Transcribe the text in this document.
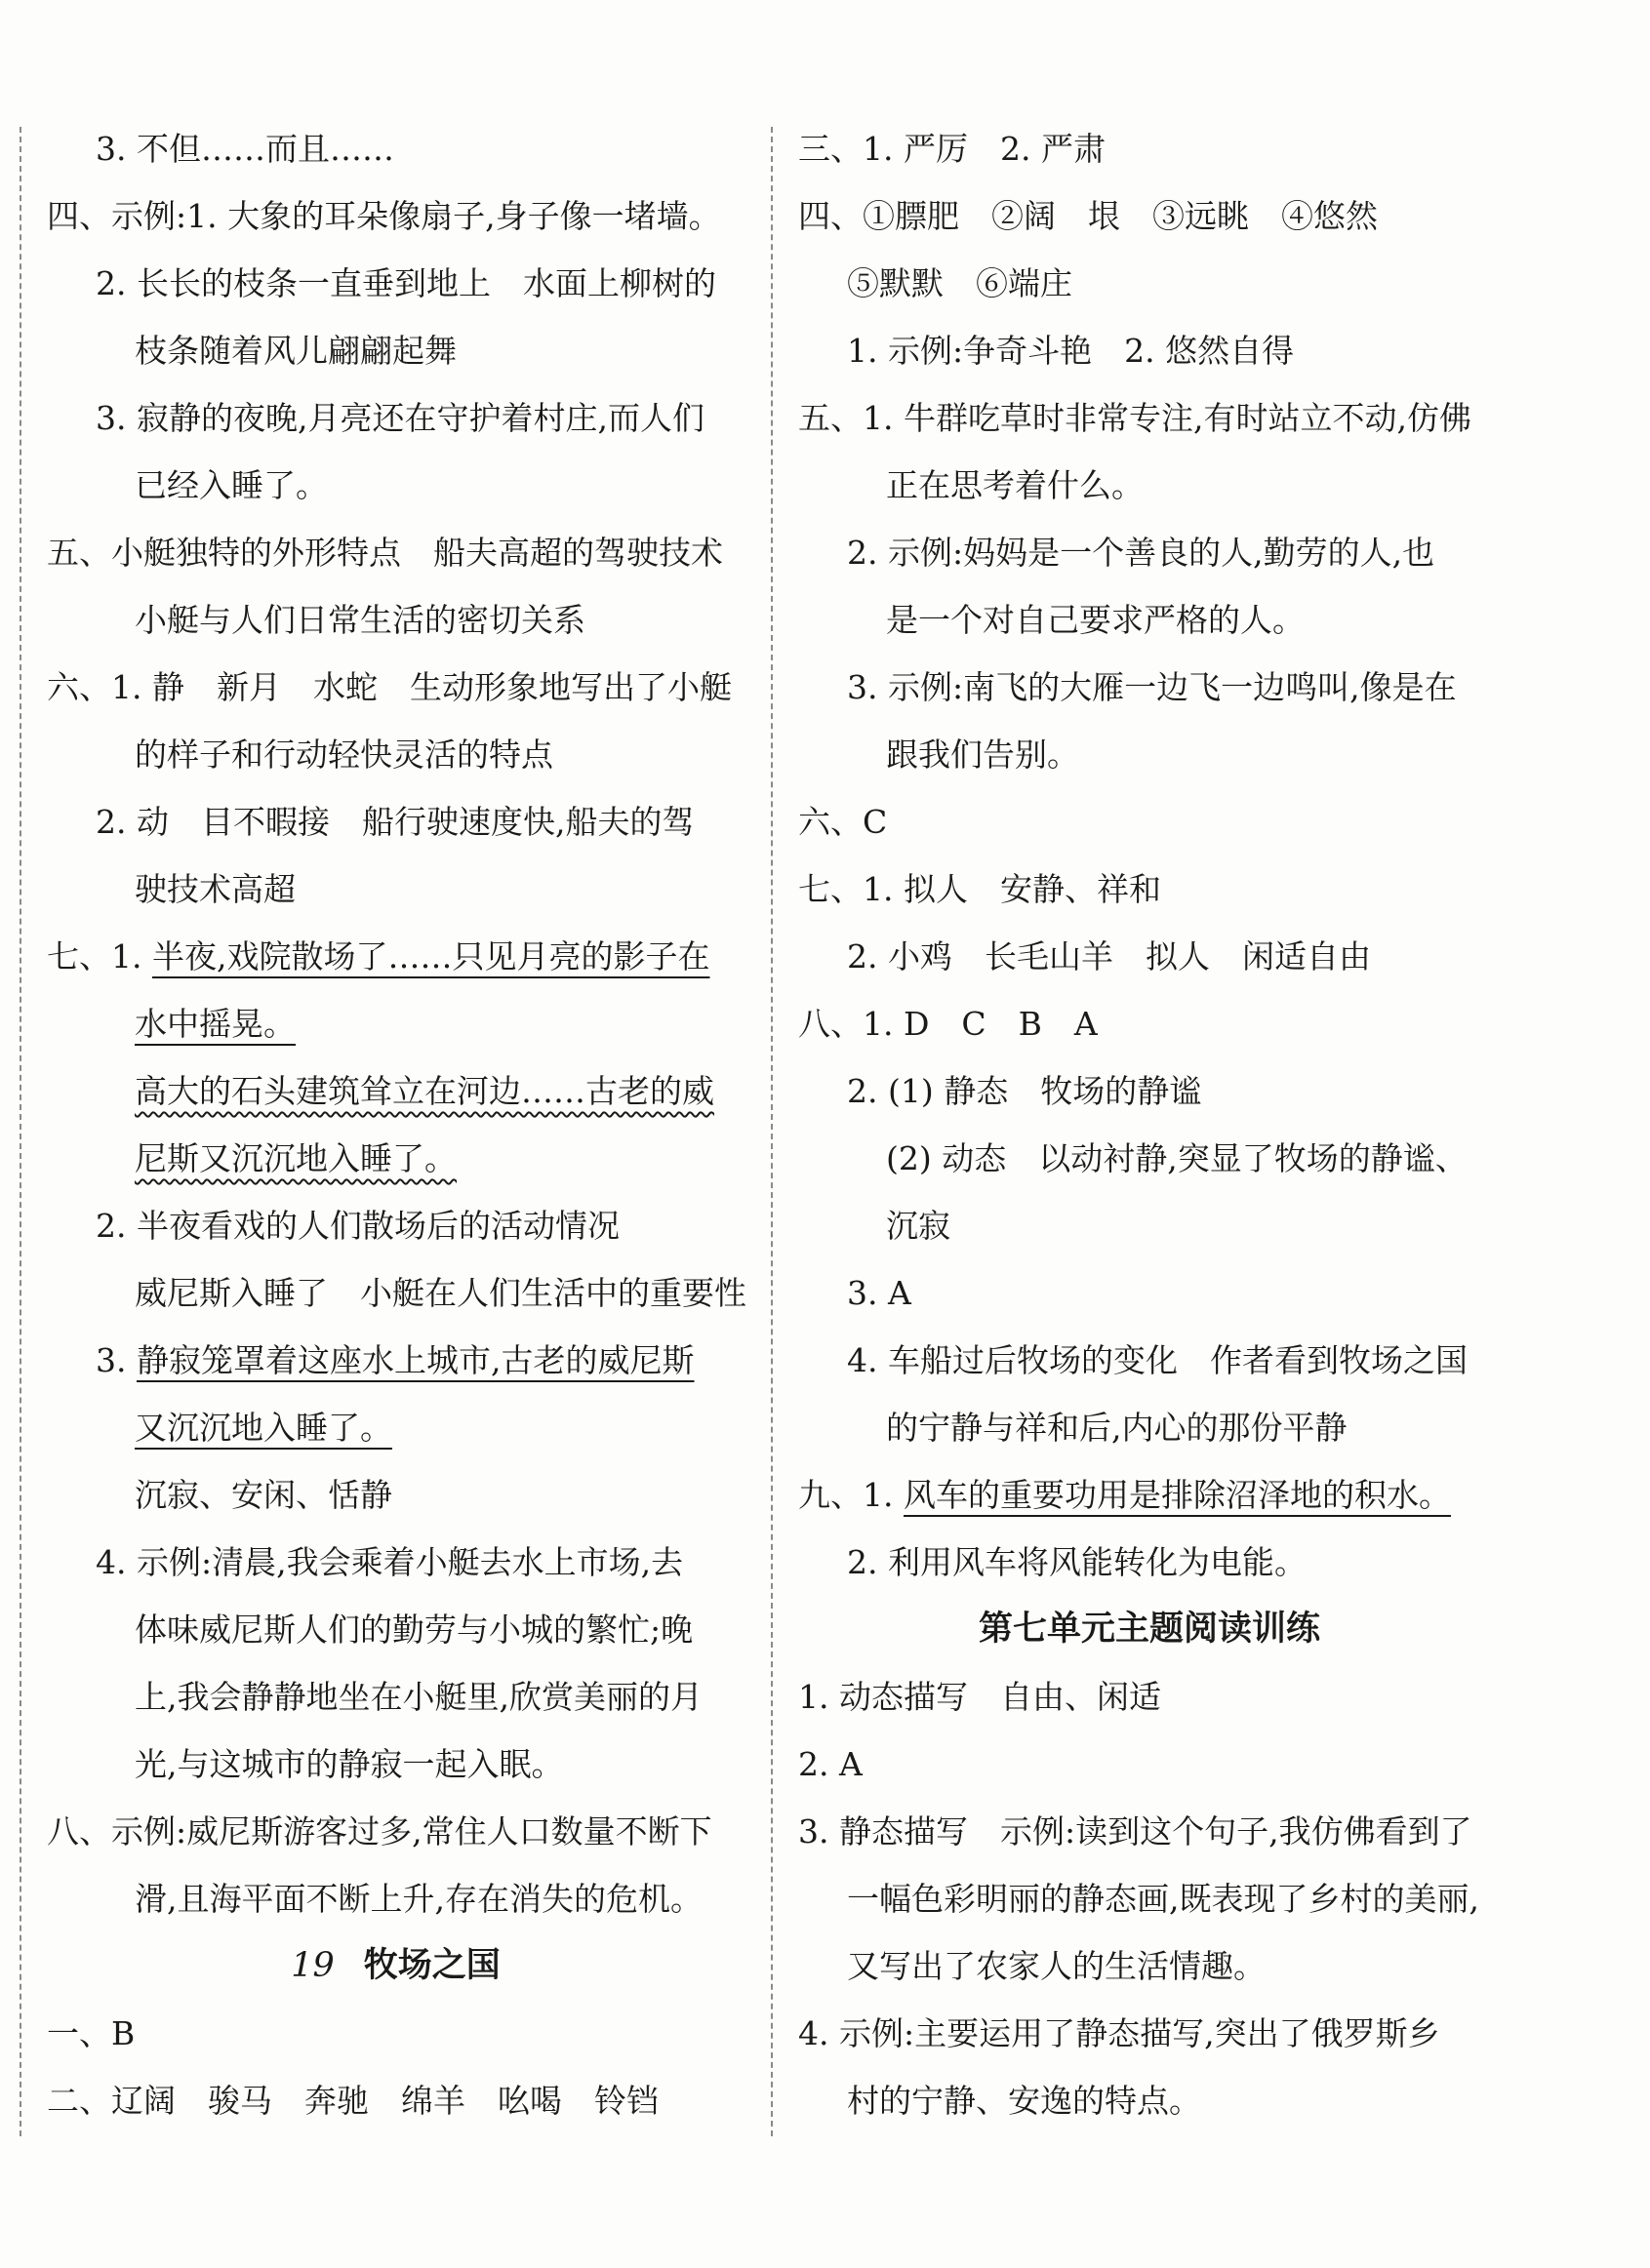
3. 不但……而且……
四、示例:1. 大象的耳朵像扇子,身子像一堵墙。
2. 长长的枝条一直垂到地上　水面上柳树的
枝条随着风儿翩翩起舞
3. 寂静的夜晚,月亮还在守护着村庄,而人们
已经入睡了。
五、小艇独特的外形特点　船夫高超的驾驶技术
小艇与人们日常生活的密切关系
六、1. 静　新月　水蛇　生动形象地写出了小艇
的样子和行动轻快灵活的特点
2. 动　目不暇接　船行驶速度快,船夫的驾
驶技术高超
七、1. 半夜,戏院散场了……只见月亮的影子在
水中摇晃。
高大的石头建筑耸立在河边……古老的威
尼斯又沉沉地入睡了。
2. 半夜看戏的人们散场后的活动情况
威尼斯入睡了　小艇在人们生活中的重要性
3. 静寂笼罩着这座水上城市,古老的威尼斯
又沉沉地入睡了。
沉寂、安闲、恬静
4. 示例:清晨,我会乘着小艇去水上市场,去
体味威尼斯人们的勤劳与小城的繁忙;晚
上,我会静静地坐在小艇里,欣赏美丽的月
光,与这城市的静寂一起入眠。
八、示例:威尼斯游客过多,常住人口数量不断下
滑,且海平面不断上升,存在消失的危机。
19 牧场之国
一、B
二、辽阔　骏马　奔驰　绵羊　吆喝　铃铛
三、1. 严厉　2. 严肃
四、①膘肥　②阔　垠　③远眺　④悠然
⑤默默　⑥端庄
1. 示例:争奇斗艳　2. 悠然自得
五、1. 牛群吃草时非常专注,有时站立不动,仿佛
正在思考着什么。
2. 示例:妈妈是一个善良的人,勤劳的人,也
是一个对自己要求严格的人。
3. 示例:南飞的大雁一边飞一边鸣叫,像是在
跟我们告别。
六、C
七、1. 拟人　安静、祥和
2. 小鸡　长毛山羊　拟人　闲适自由
八、1. D　C　B　A
2. (1) 静态　牧场的静谧
(2) 动态　以动衬静,突显了牧场的静谧、
沉寂
3. A
4. 车船过后牧场的变化　作者看到牧场之国
的宁静与祥和后,内心的那份平静
九、1. 风车的重要功用是排除沼泽地的积水。
2. 利用风车将风能转化为电能。
第七单元主题阅读训练
1. 动态描写　自由、闲适
2. A
3. 静态描写　示例:读到这个句子,我仿佛看到了
一幅色彩明丽的静态画,既表现了乡村的美丽,
又写出了农家人的生活情趣。
4. 示例:主要运用了静态描写,突出了俄罗斯乡
村的宁静、安逸的特点。
